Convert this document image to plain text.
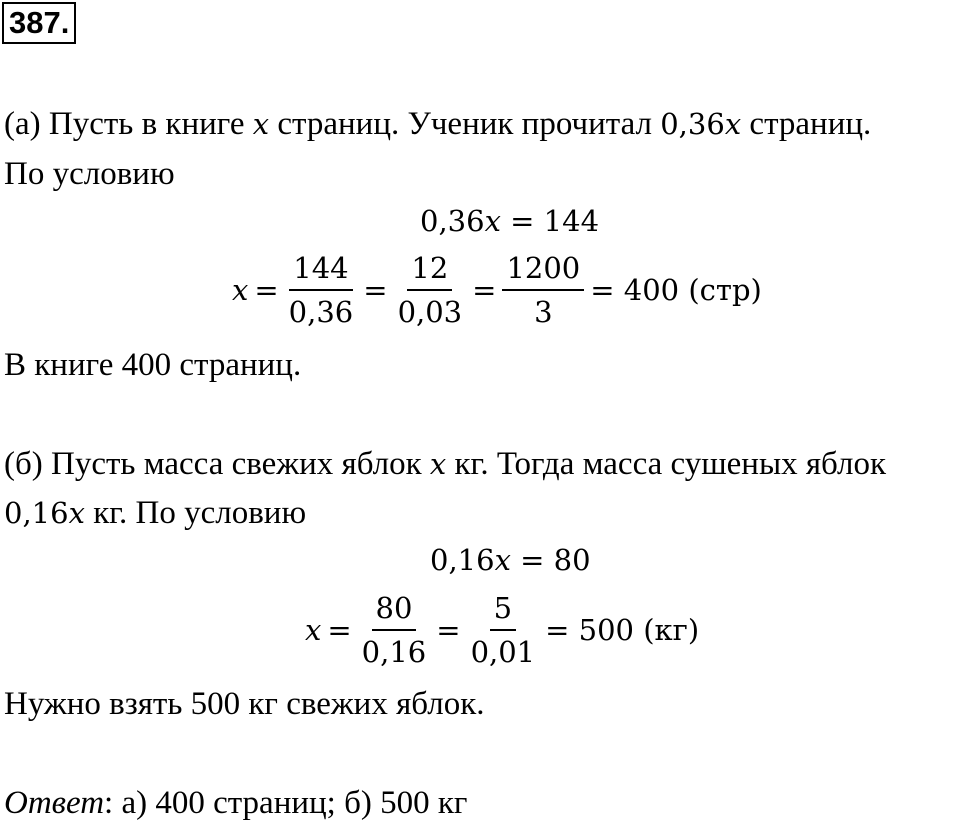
387.
(а) Пусть в книге x страниц. Ученик прочитал 0,36x страниц.
По условию
0,36x = 144
$x = \frac{144}{0,36} = \frac{12}{0,03} = \frac{1200}{3} = 400$ (стр)
В книге 400 страниц.
(б) Пусть масса свежих яблок x кг. Тогда масса сушеных яблок
0,16x кг. По условию
0,16x = 80
$x = \frac{80}{0,16} = \frac{5}{0,01} = 500$ (кг)
Нужно взять 500 кг свежих яблок.
Ответ: а) 400 страниц; б) 500 кг
